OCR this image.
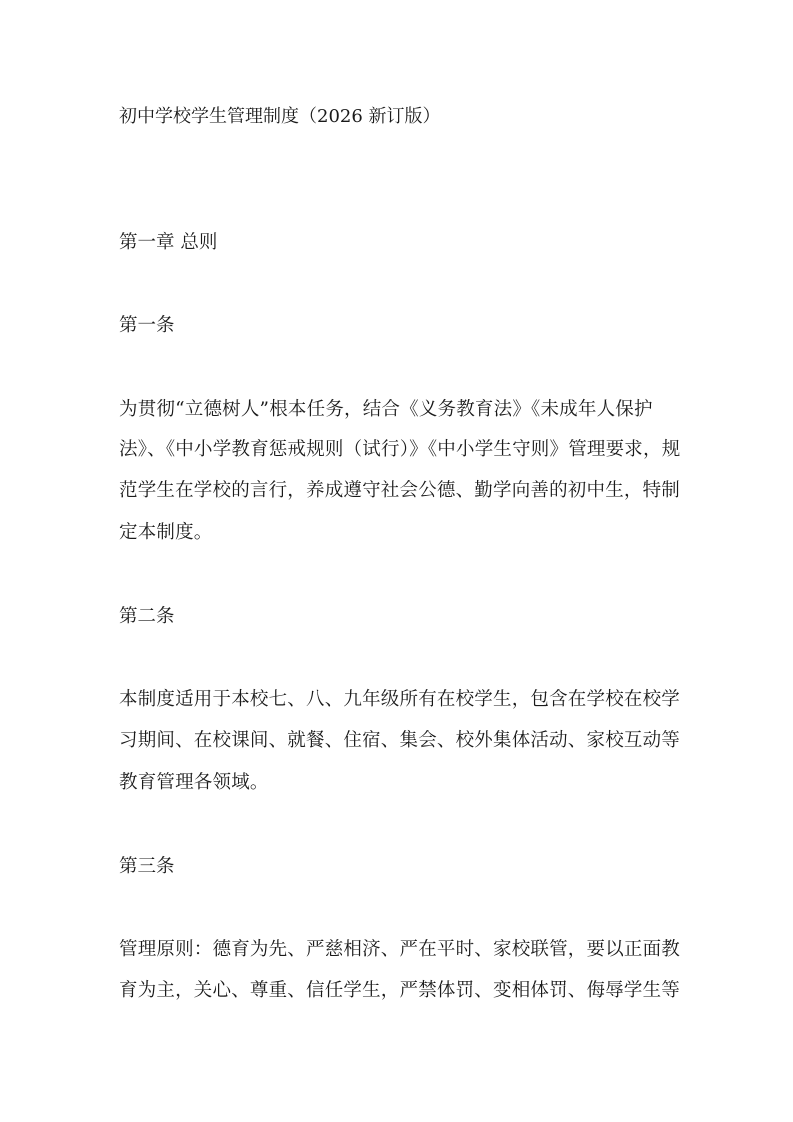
初中学校学生管理制度（2026 新订版）
第一章 总则
第一条
为贯彻“立德树人”根本任务，结合《义务教育法》《未成年人保护
法》、《中小学教育惩戒规则（试行）》《中小学生守则》管理要求，规
范学生在学校的言行，养成遵守社会公德、勤学向善的初中生，特制
定本制度。
第二条
本制度适用于本校七、八、九年级所有在校学生，包含在学校在校学
习期间、在校课间、就餐、住宿、集会、校外集体活动、家校互动等
教育管理各领域。
第三条
管理原则：德育为先、严慈相济、严在平时、家校联管，要以正面教
育为主，关心、尊重、信任学生，严禁体罚、变相体罚、侮辱学生等
